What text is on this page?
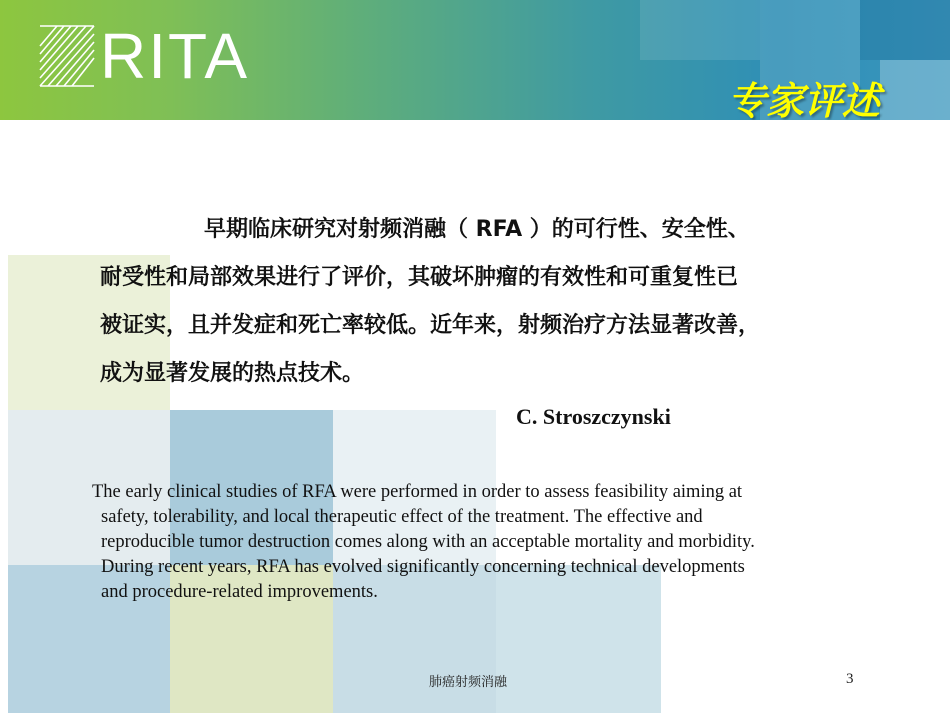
RITA
专家评述
早期临床研究对射频消融（ RFA ）的可行性、安全性、
耐受性和局部效果进行了评价，其破坏肿瘤的有效性和可重复性已
被证实，且并发症和死亡率较低。近年来，射频治疗方法显著改善，
成为显著发展的热点技术。
C. Stroszczynski
The early clinical studies of RFA were performed in order to assess feasibility aiming at
safety, tolerability, and local therapeutic effect of the treatment. The effective and
reproducible tumor destruction comes along with an acceptable mortality and morbidity.
During recent years, RFA has evolved significantly concerning technical developments
and procedure-related improvements.
肺癌射频消融	3
